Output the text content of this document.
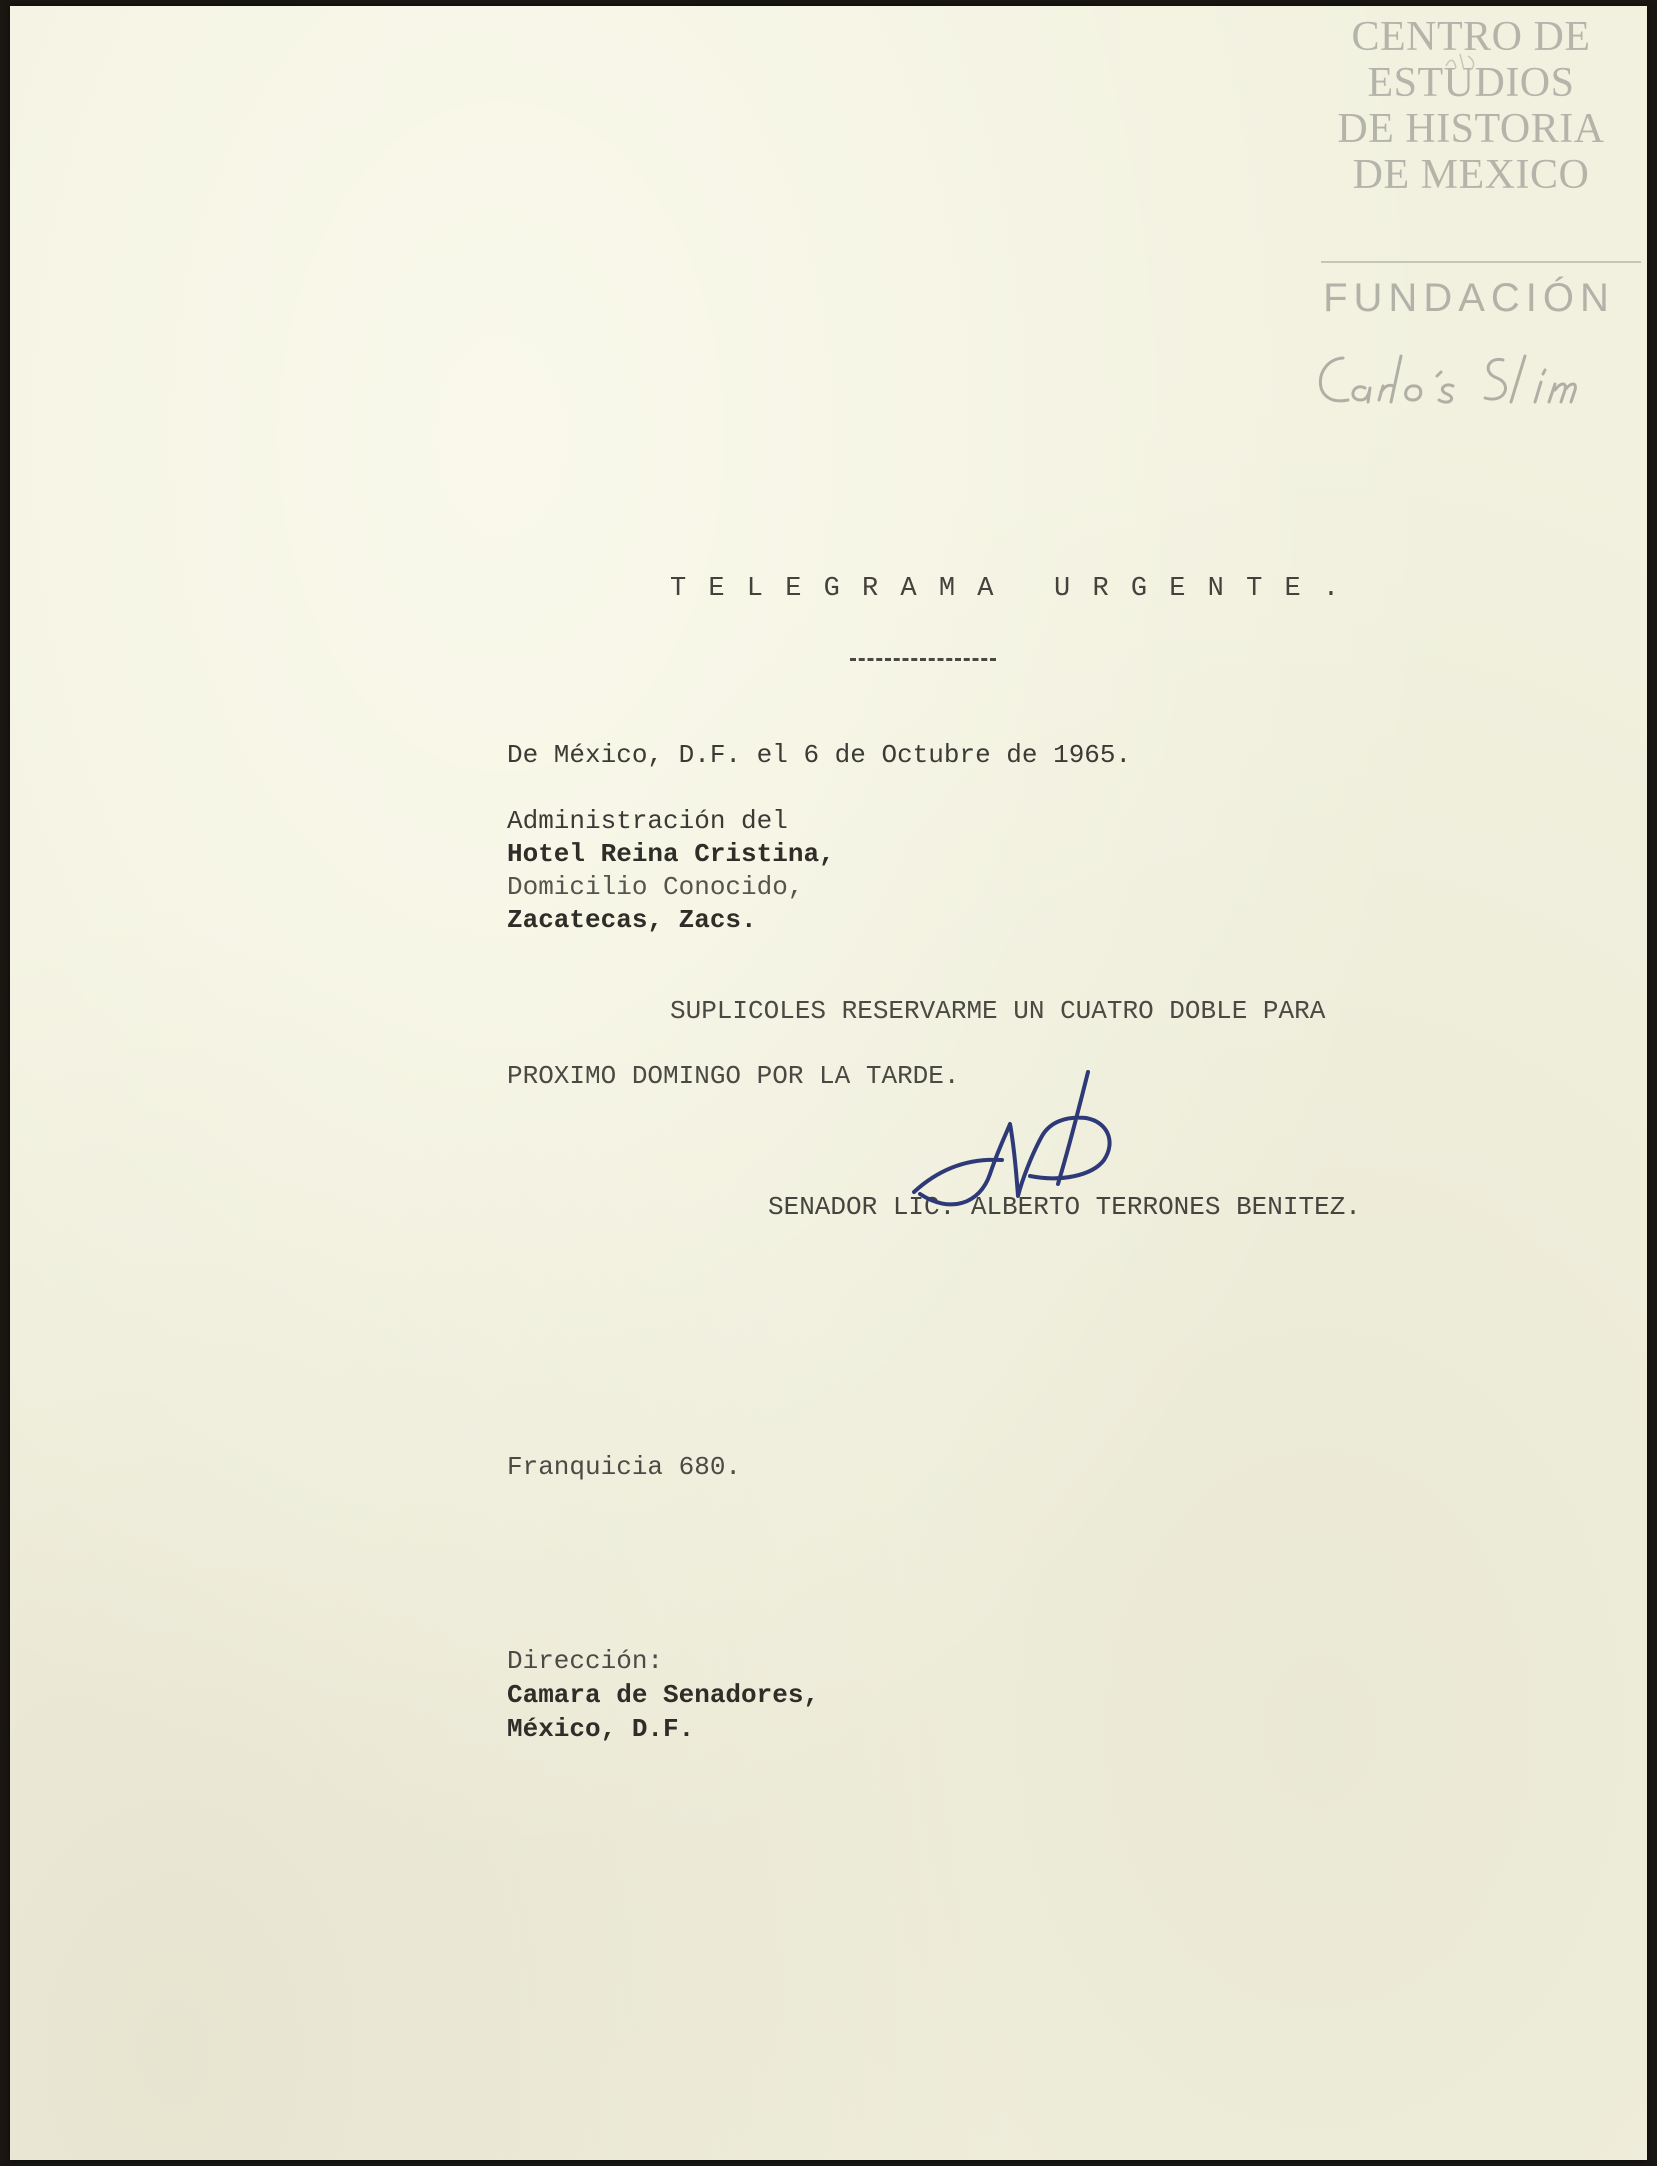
CENTRO DE
ESTUDIOS
DE HISTORIA
DE MEXICO
FUNDACIÓN
T E L E G R A M A   U R G E N T E .
De México, D.F. el 6 de Octubre de 1965.
Administración del
Hotel Reina Cristina,
Domicilio Conocido,
Zacatecas, Zacs.
SUPLICOLES RESERVARME UN CUATRO DOBLE PARA
PROXIMO DOMINGO POR LA TARDE.
SENADOR LIC. ALBERTO TERRONES BENITEZ.
Franquicia 680.
Dirección:
Camara de Senadores,
México, D.F.
